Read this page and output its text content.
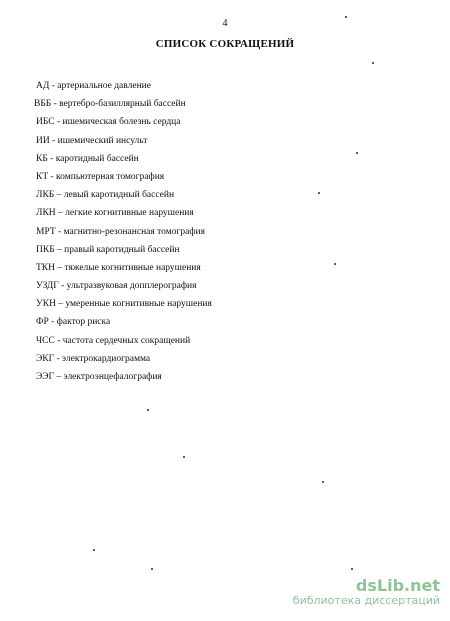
4
СПИСОК СОКРАЩЕНИЙ
АД - артериальное давление
ВББ - вертебро-базиллярный бассейн
ИБС - ишемическая болезнь сердца
ИИ - ишемический инсульт
КБ - каротидный бассейн
КТ - компьютерная томография
ЛКБ – левый каротидный бассейн
ЛКН – легкие когнитивные нарушения
МРТ - магнитно-резонансная томография
ПКБ – правый каротидный бассейн
ТКН – тяжелые когнитивные нарушения
УЗДГ - ультразвуковая допплерография
УКН – умеренные когнитивные нарушения
ФР - фактор риска
ЧСС - частота сердечных сокращений
ЭКГ - электрокардиограмма
ЭЭГ – электроэнцефалография
dsLib.net
библиотека диссертаций
